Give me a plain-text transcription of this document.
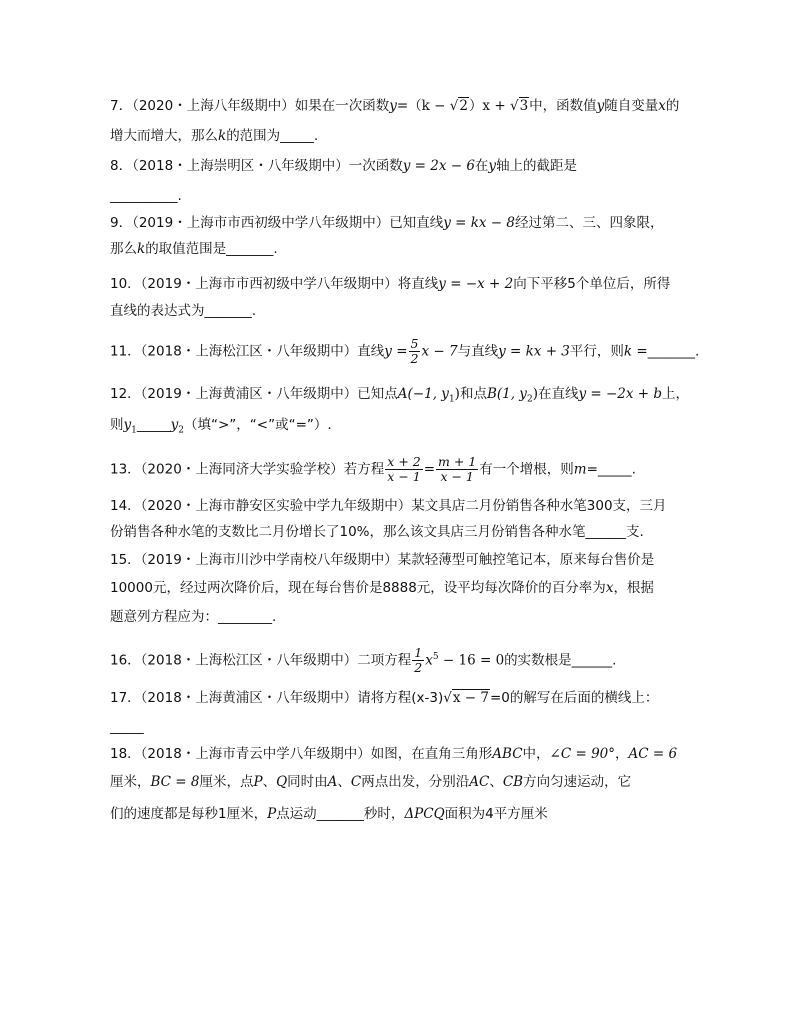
7．（2020・上海八年级期中）如果在一次函数y=（k − √2）x + √3中，函数值y随自变量x的
增大而增大，那么k的范围为_____.
8．（2018・上海崇明区・八年级期中）一次函数y = 2x − 6在y轴上的截距是
__________.
9．（2019・上海市市西初级中学八年级期中）已知直线y = kx − 8经过第二、三、四象限，
那么k的取值范围是_______.
10．（2019・上海市市西初级中学八年级期中）将直线y = −x + 2向下平移5个单位后，所得
直线的表达式为_______.
11．（2018・上海松江区・八年级期中）直线$y = \frac{5}{2}$ x − 7与直线y = kx + 3平行，则k =_______.
12．（2019・上海黄浦区・八年级期中）已知点A(−1, $y_1$)和点B(1, $y_2$)在直线y = −2x + b上，
则$y_1\_\_\_\_\_y_2$（填“>”，“<”或“=”）.
13．（2020・上海同济大学实验学校）若方程 $\frac{x + 2}{x - 1} = \frac{m + 1}{x - 1}$ 有一个增根，则m=_____.
14．（2020・上海市静安区实验中学九年级期中）某文具店二月份销售各种水笔300支，三月
份销售各种水笔的支数比二月份增长了10%，那么该文具店三月份销售各种水笔______支.
15．（2019・上海市川沙中学南校八年级期中）某款轻薄型可触控笔记本，原来每台售价是
10000元，经过两次降价后，现在每台售价是8888元，设平均每次降价的百分率为x，根据
题意列方程应为：________.
16．（2018・上海松江区・八年级期中）二项方程 $\frac{1}{2} x^5 - 16 = 0$的实数根是______.
17．（2018・上海黄浦区・八年级期中）请将方程(x-3)√x − 7=0的解写在后面的横线上：
_____
18．（2018・上海市青云中学八年级期中）如图，在直角三角形ABC中，∠C = 90°，AC = 6
厘米，BC = 8厘米，点P、Q同时由A、C两点出发，分别沿AC、CB方向匀速运动，它
们的速度都是每秒1厘米，P点运动_______秒时，ΔPCQ面积为4平方厘米
